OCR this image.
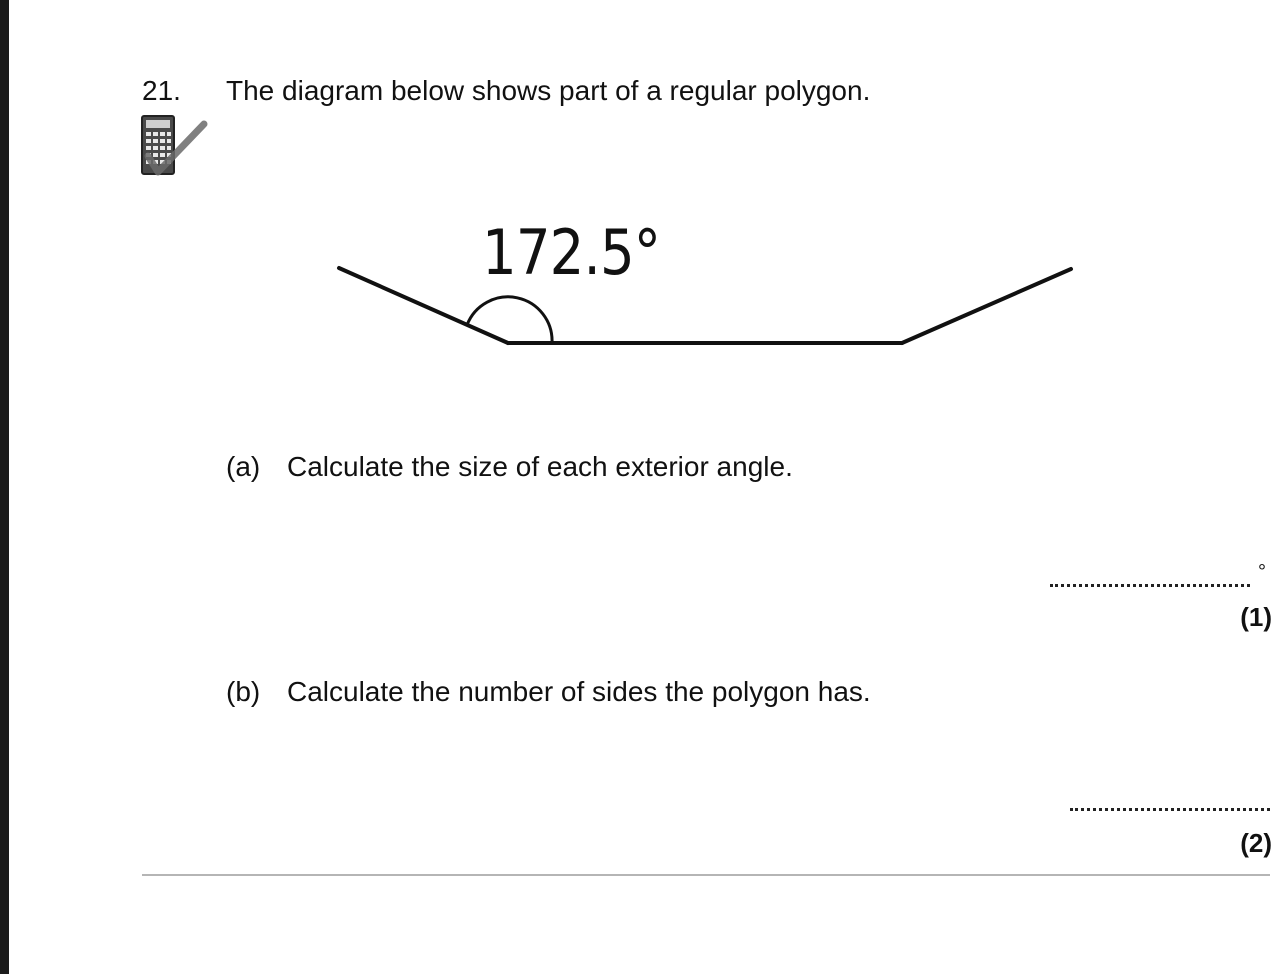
21. The diagram below shows part of a regular polygon.
172.5°
(a) Calculate the size of each exterior angle.
°
(1)
(b) Calculate the number of sides the polygon has.
(2)
